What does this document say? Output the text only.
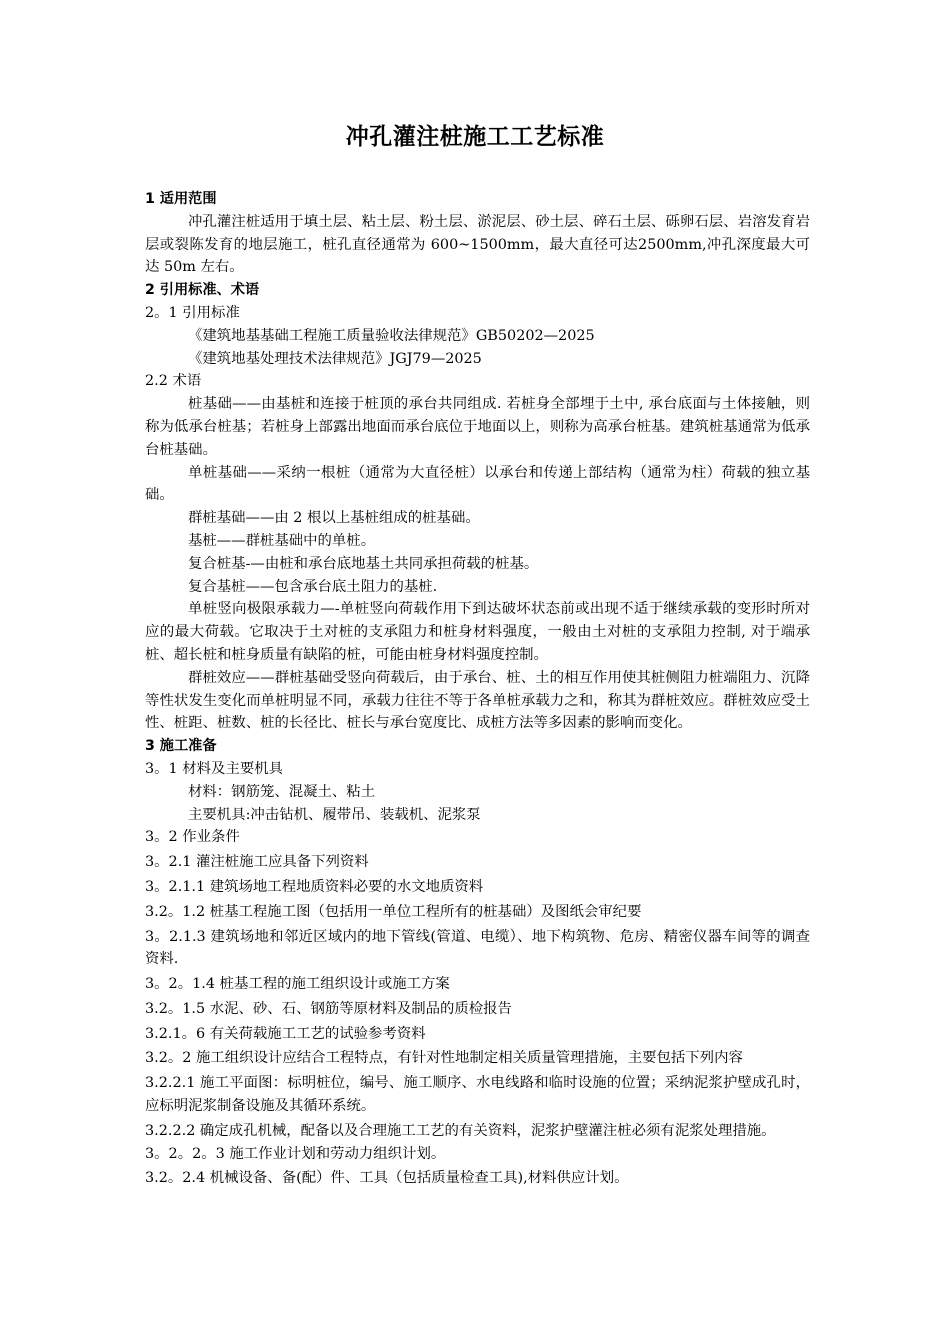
冲孔灌注桩施工工艺标准
1 适用范围
冲孔灌注桩适用于填土层、粘土层、粉土层、淤泥层、砂土层、碎石土层、砾卵石层、岩溶发育岩层或裂陈发育的地层施工，桩孔直径通常为 600~1500mm，最大直径可达2500mm,冲孔深度最大可达 50m 左右。
2 引用标准、术语
2。1 引用标准
《建筑地基基础工程施工质量验收法律规范》GB50202—2025
《建筑地基处理技术法律规范》JGJ79—2025
2.2 术语
桩基础——由基桩和连接于桩顶的承台共同组成. 若桩身全部埋于土中, 承台底面与土体接触，则称为低承台桩基；若桩身上部露出地面而承台底位于地面以上，则称为高承台桩基。建筑桩基通常为低承台桩基础。
单桩基础——采纳一根桩（通常为大直径桩）以承台和传递上部结构（通常为柱）荷载的独立基础。
群桩基础——由 2 根以上基桩组成的桩基础。
基桩——群桩基础中的单桩。
复合桩基-—由桩和承台底地基土共同承担荷载的桩基。
复合基桩——包含承台底土阻力的基桩.
单桩竖向极限承载力—-单桩竖向荷载作用下到达破坏状态前或出现不适于继续承载的变形时所对应的最大荷载。它取决于土对桩的支承阻力和桩身材料强度，一般由土对桩的支承阻力控制, 对于端承桩、超长桩和桩身质量有缺陷的桩，可能由桩身材料强度控制。
群桩效应——群桩基础受竖向荷载后，由于承台、桩、土的相互作用使其桩侧阻力桩端阻力、沉降等性状发生变化而单桩明显不同，承载力往往不等于各单桩承载力之和，称其为群桩效应。群桩效应受土性、桩距、桩数、桩的长径比、桩长与承台宽度比、成桩方法等多因素的影响而变化。
3 施工准备
3。1 材料及主要机具
材料：钢筋笼、混凝土、粘土
主要机具:冲击钻机、履带吊、装载机、泥浆泵
3。2 作业条件
3。2.1 灌注桩施工应具备下列资料
3。2.1.1 建筑场地工程地质资料必要的水文地质资料
3.2。1.2 桩基工程施工图（包括用一单位工程所有的桩基础）及图纸会审纪要
3。2.1.3 建筑场地和邻近区域内的地下管线(管道、电缆）、地下构筑物、危房、精密仪器车间等的调查资料.
3。2。1.4 桩基工程的施工组织设计或施工方案
3.2。1.5 水泥、砂、石、钢筋等原材料及制品的质检报告
3.2.1。6 有关荷载施工工艺的试验参考资料
3.2。2 施工组织设计应结合工程特点，有针对性地制定相关质量管理措施，主要包括下列内容
3.2.2.1 施工平面图：标明桩位，编号、施工顺序、水电线路和临时设施的位置；采纳泥浆护壁成孔时，应标明泥浆制备设施及其循环系统。
3.2.2.2 确定成孔机械，配备以及合理施工工艺的有关资料，泥浆护壁灌注桩必须有泥浆处理措施。
3。2。2。3 施工作业计划和劳动力组织计划。
3.2。2.4 机械设备、备(配）件、工具（包括质量检查工具),材料供应计划。
